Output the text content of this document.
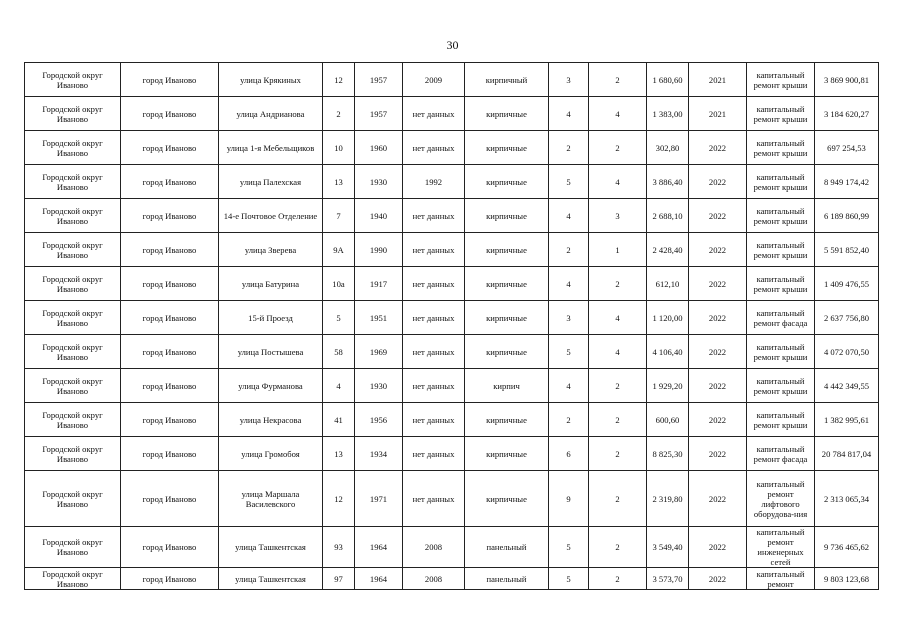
30
Городской округ Иваново	город Иваново	улица Крякиных	12	1957	2009	кирпичный	3	2	1 680,60	2021	капитальный ремонт крыши	3 869 900,81
Городской округ Иваново	город Иваново	улица Андрианова	2	1957	нет данных	кирпичные	4	4	1 383,00	2021	капитальный ремонт крыши	3 184 620,27
Городской округ Иваново	город Иваново	улица 1-я Мебельщиков	10	1960	нет данных	кирпичные	2	2	302,80	2022	капитальный ремонт крыши	697 254,53
Городской округ Иваново	город Иваново	улица Палехская	13	1930	1992	кирпичные	5	4	3 886,40	2022	капитальный ремонт крыши	8 949 174,42
Городской округ Иваново	город Иваново	14-е Почтовое Отделение	7	1940	нет данных	кирпичные	4	3	2 688,10	2022	капитальный ремонт крыши	6 189 860,99
Городской округ Иваново	город Иваново	улица Зверева	9А	1990	нет данных	кирпичные	2	1	2 428,40	2022	капитальный ремонт крыши	5 591 852,40
Городской округ Иваново	город Иваново	улица Батурина	10а	1917	нет данных	кирпичные	4	2	612,10	2022	капитальный ремонт крыши	1 409 476,55
Городской округ Иваново	город Иваново	15-й Проезд	5	1951	нет данных	кирпичные	3	4	1 120,00	2022	капитальный ремонт фасада	2 637 756,80
Городской округ Иваново	город Иваново	улица Постышева	58	1969	нет данных	кирпичные	5	4	4 106,40	2022	капитальный ремонт крыши	4 072 070,50
Городской округ Иваново	город Иваново	улица Фурманова	4	1930	нет данных	кирпич	4	2	1 929,20	2022	капитальный ремонт крыши	4 442 349,55
Городской округ Иваново	город Иваново	улица Некрасова	41	1956	нет данных	кирпичные	2	2	600,60	2022	капитальный ремонт крыши	1 382 995,61
Городской округ Иваново	город Иваново	улица Громобоя	13	1934	нет данных	кирпичные	6	2	8 825,30	2022	капитальный ремонт фасада	20 784 817,04
Городской округ Иваново	город Иваново	улица Маршала Василевского	12	1971	нет данных	кирпичные	9	2	2 319,80	2022	капитальный ремонт лифтового оборудова-ния	2 313 065,34
Городской округ Иваново	город Иваново	улица Ташкентская	93	1964	2008	панельный	5	2	3 549,40	2022	капитальный ремонт инженерных сетей	9 736 465,62
Городской округ Иваново	город Иваново	улица Ташкентская	97	1964	2008	панельный	5	2	3 573,70	2022	капитальный ремонт	9 803 123,68
